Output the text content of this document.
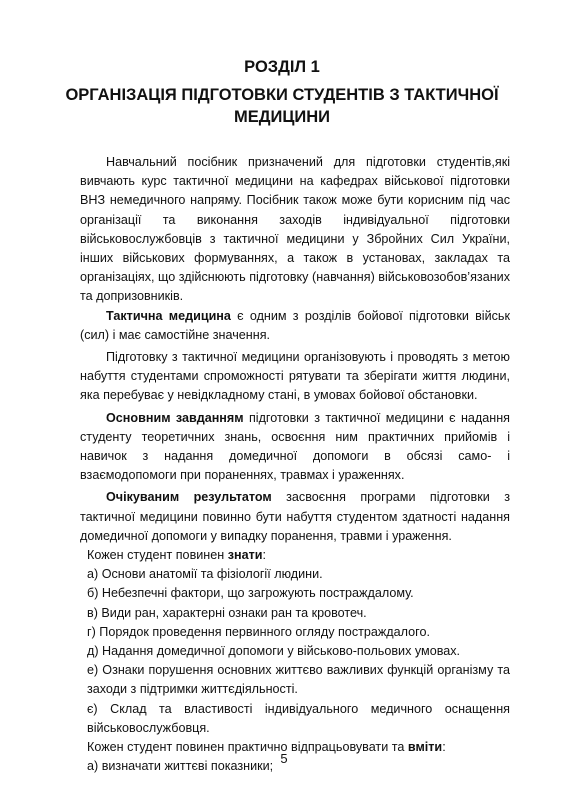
РОЗДІЛ 1
ОРГАНІЗАЦІЯ ПІДГОТОВКИ СТУДЕНТІВ З ТАКТИЧНОЇ
МЕДИЦИНИ

Навчальний посібник призначений для підготовки студентів,які вивчають курс тактичної медицини на кафедрах військової підготовки ВНЗ немедичного напряму. Посібник також може бути корисним під час організації та виконання заходів індивідуальної підготовки військовослужбовців з тактичної медицини у Збройних Сил України, інших військових формуваннях, а також в установах, закладах та організаціях, що здійснюють підготовку (навчання) військовозобов’язаних та допризовників.

Тактична медицина є одним з розділів бойової підготовки військ (сил) і має самостійне значення.

Підготовку з тактичної медицини організовують і проводять з метою набуття студентами спроможності рятувати та зберігати життя людини, яка перебуває у невідкладному стані, в умовах бойової обстановки.

Основним завданням підготовки з тактичної медицини є надання студенту теоретичних знань, освоєння ним практичних прийомів і навичок з надання домедичної допомоги в обсязі само- і взаємодопомоги при пораненнях, травмах і ураженнях.

Очікуваним результатом засвоєння програми підготовки з тактичної медицини повинно бути набуття студентом здатності надання домедичної допомоги у випадку поранення, травми і ураження.

Кожен студент повинен знати:

а) Основи анатомії та фізіології людини.

б) Небезпечні фактори, що загрожують постраждалому.

в) Види ран, характерні ознаки ран та кровотеч.

г) Порядок проведення первинного огляду постраждалого.

д) Надання домедичної допомоги у військово-польових умовах.

е) Ознаки порушення основних життєво важливих функцій організму та заходи з підтримки життєдіяльності.

є) Склад та властивості індивідуального медичного оснащення військовослужбовця.

Кожен студент повинен практично відпрацьовувати та вміти:

а) визначати життєві показники;

5
